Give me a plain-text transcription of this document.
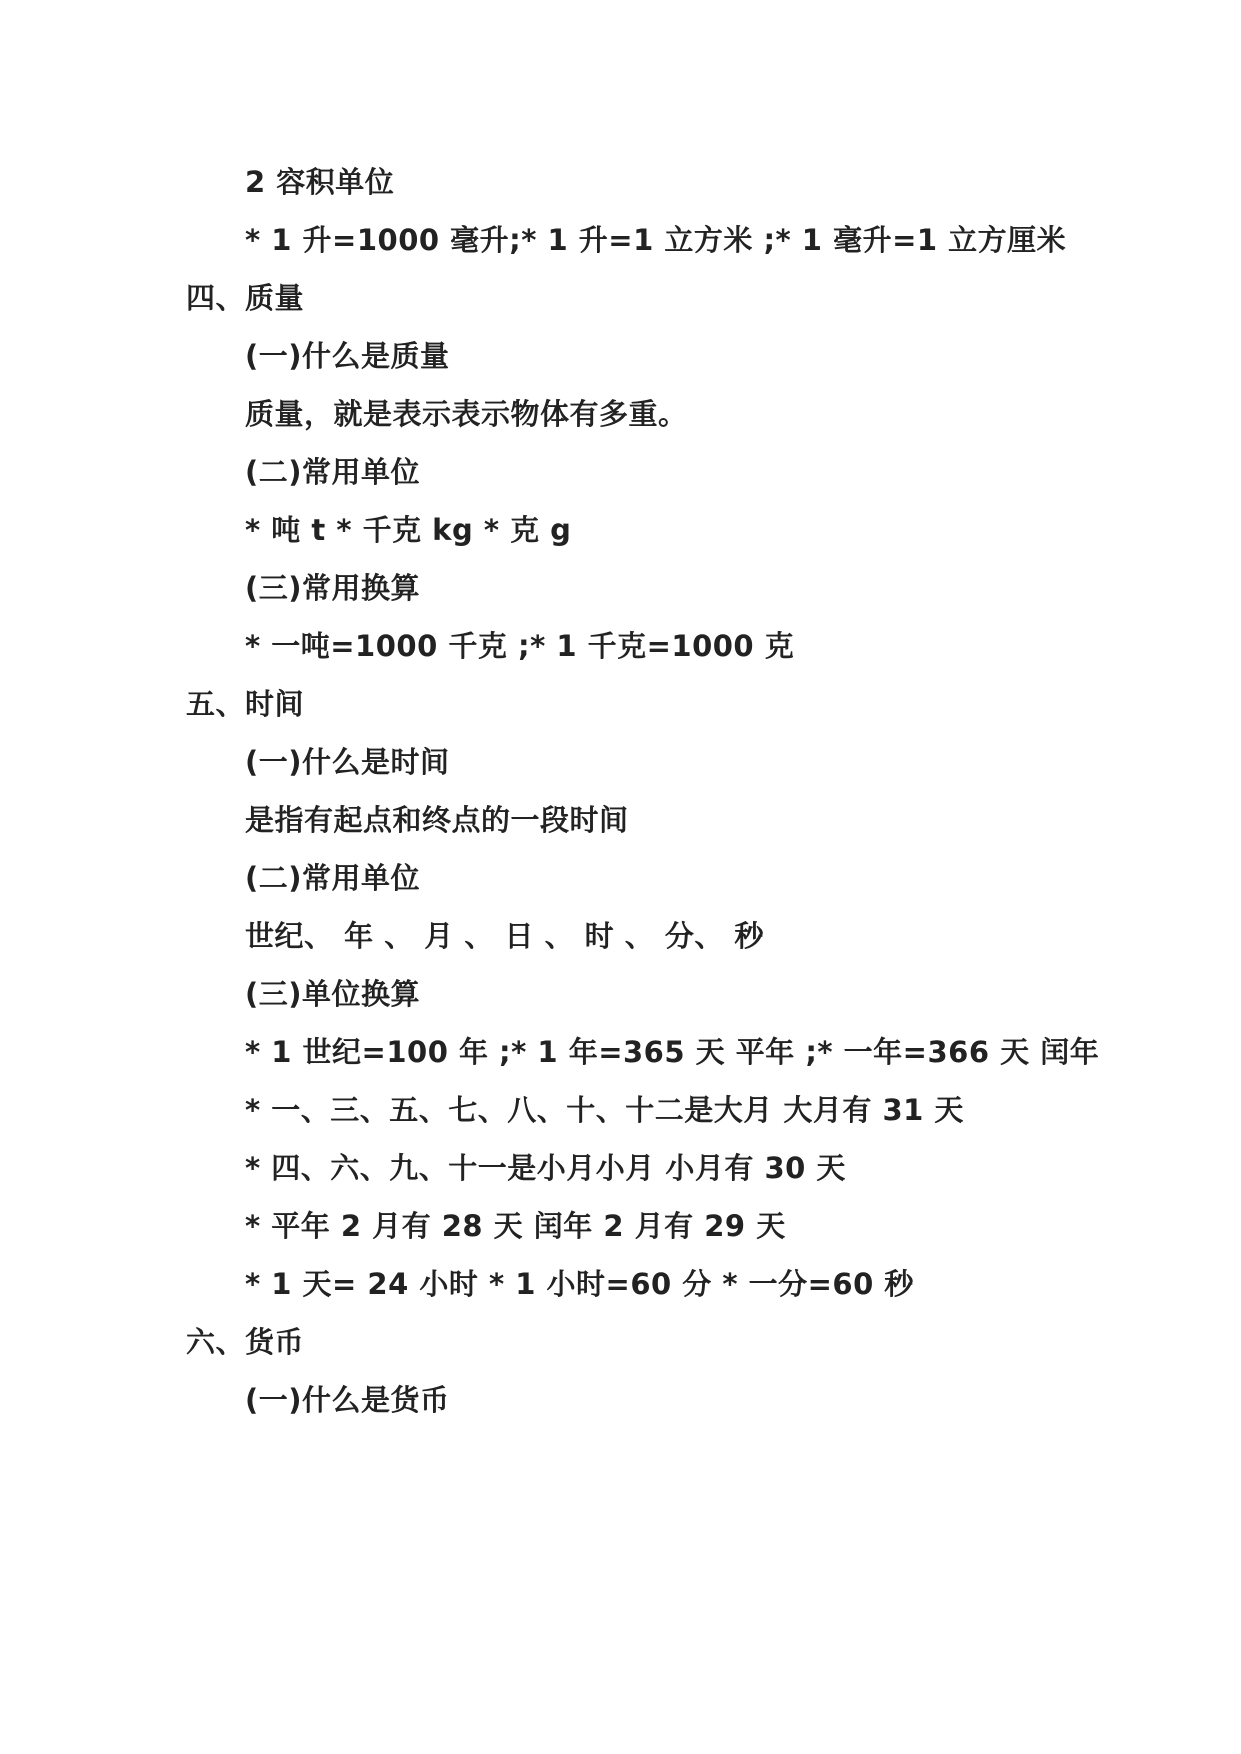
2 容积单位
* 1 升=1000 毫升;* 1 升=1 立方米 ;* 1 毫升=1 立方厘米
四、质量
(一)什么是质量
质量，就是表示表示物体有多重。
(二)常用单位
* 吨 t * 千克 kg * 克 g
(三)常用换算
* 一吨=1000 千克 ;* 1 千克=1000 克
五、时间
(一)什么是时间
是指有起点和终点的一段时间
(二)常用单位
世纪、 年 、 月 、 日 、 时 、 分、 秒
(三)单位换算
* 1 世纪=100 年 ;* 1 年=365 天 平年 ;* 一年=366 天 闰年
* 一、三、五、七、八、十、十二是大月 大月有 31 天
* 四、六、九、十一是小月小月 小月有 30 天
* 平年 2 月有 28 天 闰年 2 月有 29 天
* 1 天= 24 小时 * 1 小时=60 分 * 一分=60 秒
六、货币
(一)什么是货币
